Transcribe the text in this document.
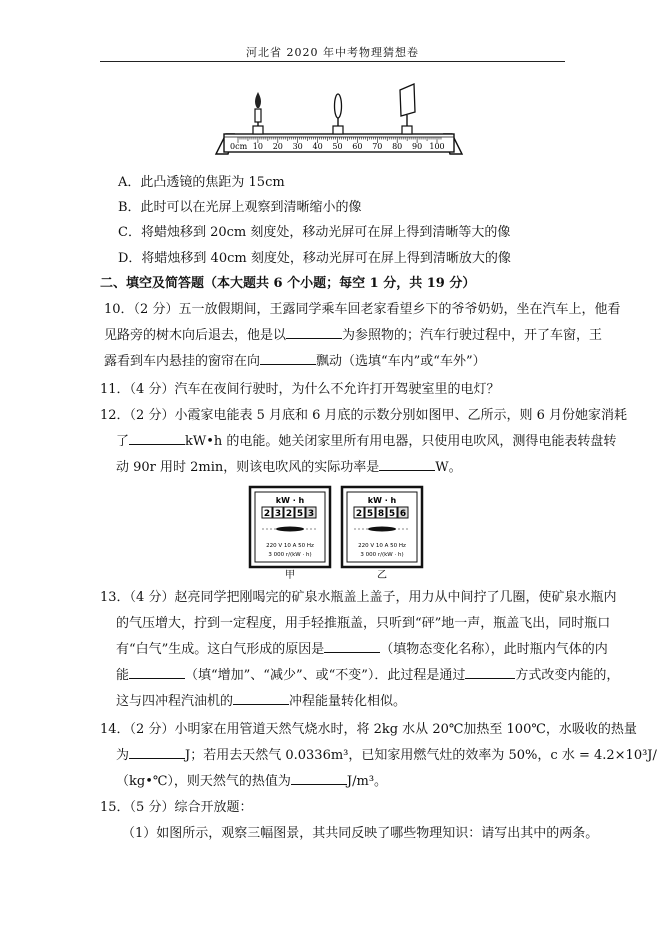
河北省 2020 年中考物理猜想卷
0cm 10 20 30 40 50 60 70 80 90 100
A．此凸透镜的焦距为 15cm
B．此时可以在光屏上观察到清晰缩小的像
C．将蜡烛移到 20cm 刻度处，移动光屏可在屏上得到清晰等大的像
D．将蜡烛移到 40cm 刻度处，移动光屏可在屏上得到清晰放大的像
二、填空及简答题（本大题共 6 个小题；每空 1 分，共 19 分）
10．（2 分）五一放假期间，王露同学乘车回老家看望乡下的爷爷奶奶，坐在汽车上，他看
见路旁的树木向后退去，他是以	为参照物的；汽车行驶过程中，开了车窗，王
露看到车内悬挂的窗帘在向	飘动（选填“车内”或“车外”）
11．（4 分）汽车在夜间行驶时，为什么不允许打开驾驶室里的电灯？
12．（2 分）小霞家电能表 5 月底和 6 月底的示数分别如图甲、乙所示，则 6 月份她家消耗
了	kW•h 的电能。她关闭家里所有用电器，只使用电吹风，测得电能表转盘转
动 90r 用时 2min，则该电吹风的实际功率是	W。
kW · h
2 3 2 5 3
220 V 10 A 50 Hz
3 000 r/(kW · h)
甲
kW · h
2 5 8 5 6
220 V 10 A 50 Hz
3 000 r/(kW · h)
乙
13．（4 分）赵亮同学把刚喝完的矿泉水瓶盖上盖子，用力从中间拧了几圈，使矿泉水瓶内
的气压增大，拧到一定程度，用手轻推瓶盖，只听到“砰”地一声，瓶盖飞出，同时瓶口
有“白气”生成。这白气形成的原因是	（填物态变化名称），此时瓶内气体的内
能	（填“增加”、“减少”、或“不变”）．此过程是通过	方式改变内能的，
这与四冲程汽油机的	冲程能量转化相似。
14．（2 分）小明家在用管道天然气烧水时，将 2kg 水从 20℃加热至 100℃，水吸收的热量
为	J；若用去天然气 0.0336m³，已知家用燃气灶的效率为 50%，c 水 = 4.2×10³J/
（kg•℃），则天然气的热值为	J/m³。
15．（5 分）综合开放题：
（1）如图所示，观察三幅图景，其共同反映了哪些物理知识：请写出其中的两条。
